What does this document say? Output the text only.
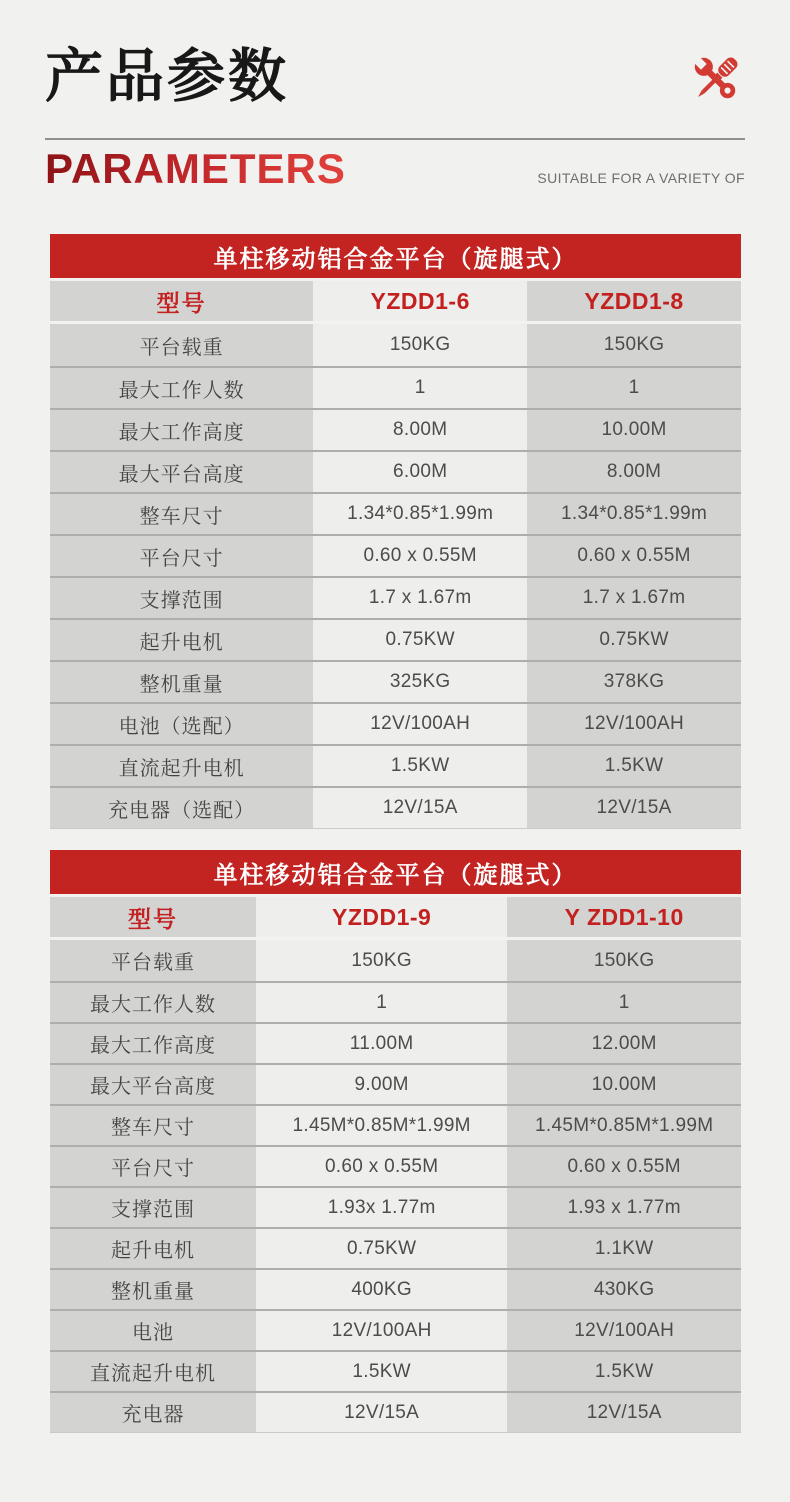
产品参数
PARAMETERS	SUITABLE FOR A VARIETY OF
单柱移动铝合金平台（旋腿式）
型号	YZDD1-6	YZDD1-8
平台载重	150KG	150KG
最大工作人数	1	1
最大工作高度	8.00M	10.00M
最大平台高度	6.00M	8.00M
整车尺寸	1.34*0.85*1.99m	1.34*0.85*1.99m
平台尺寸	0.60 x 0.55M	0.60 x 0.55M
支撑范围	1.7 x 1.67m	1.7 x 1.67m
起升电机	0.75KW	0.75KW
整机重量	325KG	378KG
电池（选配）	12V/100AH	12V/100AH
直流起升电机	1.5KW	1.5KW
充电器（选配）	12V/15A	12V/15A
单柱移动铝合金平台（旋腿式）
型号	YZDD1-9	Y ZDD1-10
平台载重	150KG	150KG
最大工作人数	1	1
最大工作高度	11.00M	12.00M
最大平台高度	9.00M	10.00M
整车尺寸	1.45M*0.85M*1.99M	1.45M*0.85M*1.99M
平台尺寸	0.60 x 0.55M	0.60 x 0.55M
支撑范围	1.93x 1.77m	1.93 x 1.77m
起升电机	0.75KW	1.1KW
整机重量	400KG	430KG
电池	12V/100AH	12V/100AH
直流起升电机	1.5KW	1.5KW
充电器	12V/15A	12V/15A
